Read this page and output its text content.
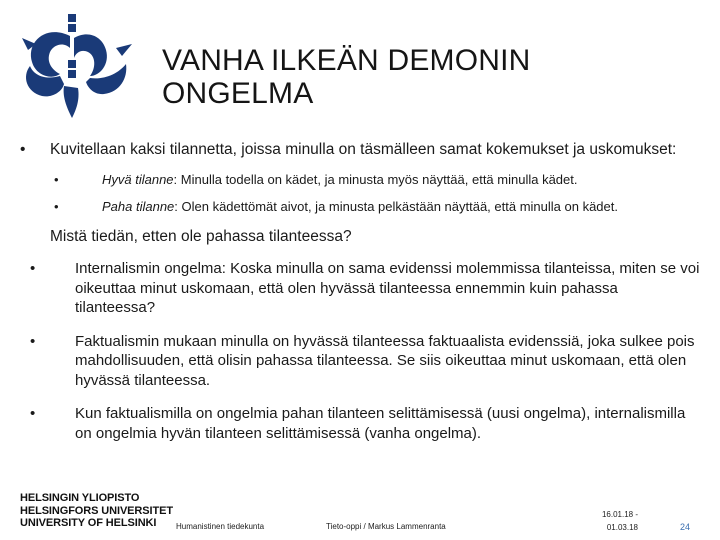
VANHA ILKEÄN DEMONIN
ONGELMA
• Kuvitellaan kaksi tilannetta, joissa minulla on täsmälleen samat kokemukset ja uskomukset:
•	Hyvä tilanne: Minulla todella on kädet, ja minusta myös näyttää, että minulla kädet.
•	Paha tilanne: Olen kädettömät aivot, ja minusta pelkästään näyttää, että minulla on kädet.
Mistä tiedän, etten ole pahassa tilanteessa?
•	Internalismin ongelma: Koska minulla on sama evidenssi molemmissa tilanteissa, miten se voi oikeuttaa minut uskomaan, että olen hyvässä tilanteessa ennemmin kuin pahassa tilanteessa?
•	Faktualismin mukaan minulla on hyvässä tilanteessa faktuaalista evidenssiä, joka sulkee pois mahdollisuuden, että olisin pahassa tilanteessa. Se siis oikeuttaa minut uskomaan, että olen hyvässä tilanteessa.
•	Kun faktualismilla on ongelmia pahan tilanteen selittämisessä (uusi ongelma), internalismilla on ongelmia hyvän tilanteen selittämisessä (vanha ongelma).
HELSINGIN YLIOPISTO
HELSINGFORS UNIVERSITET
UNIVERSITY OF HELSINKI	Humanistinen tiedekunta	Tieto-oppi / Markus Lammenranta
16.01.18 -
01.03.18	24
